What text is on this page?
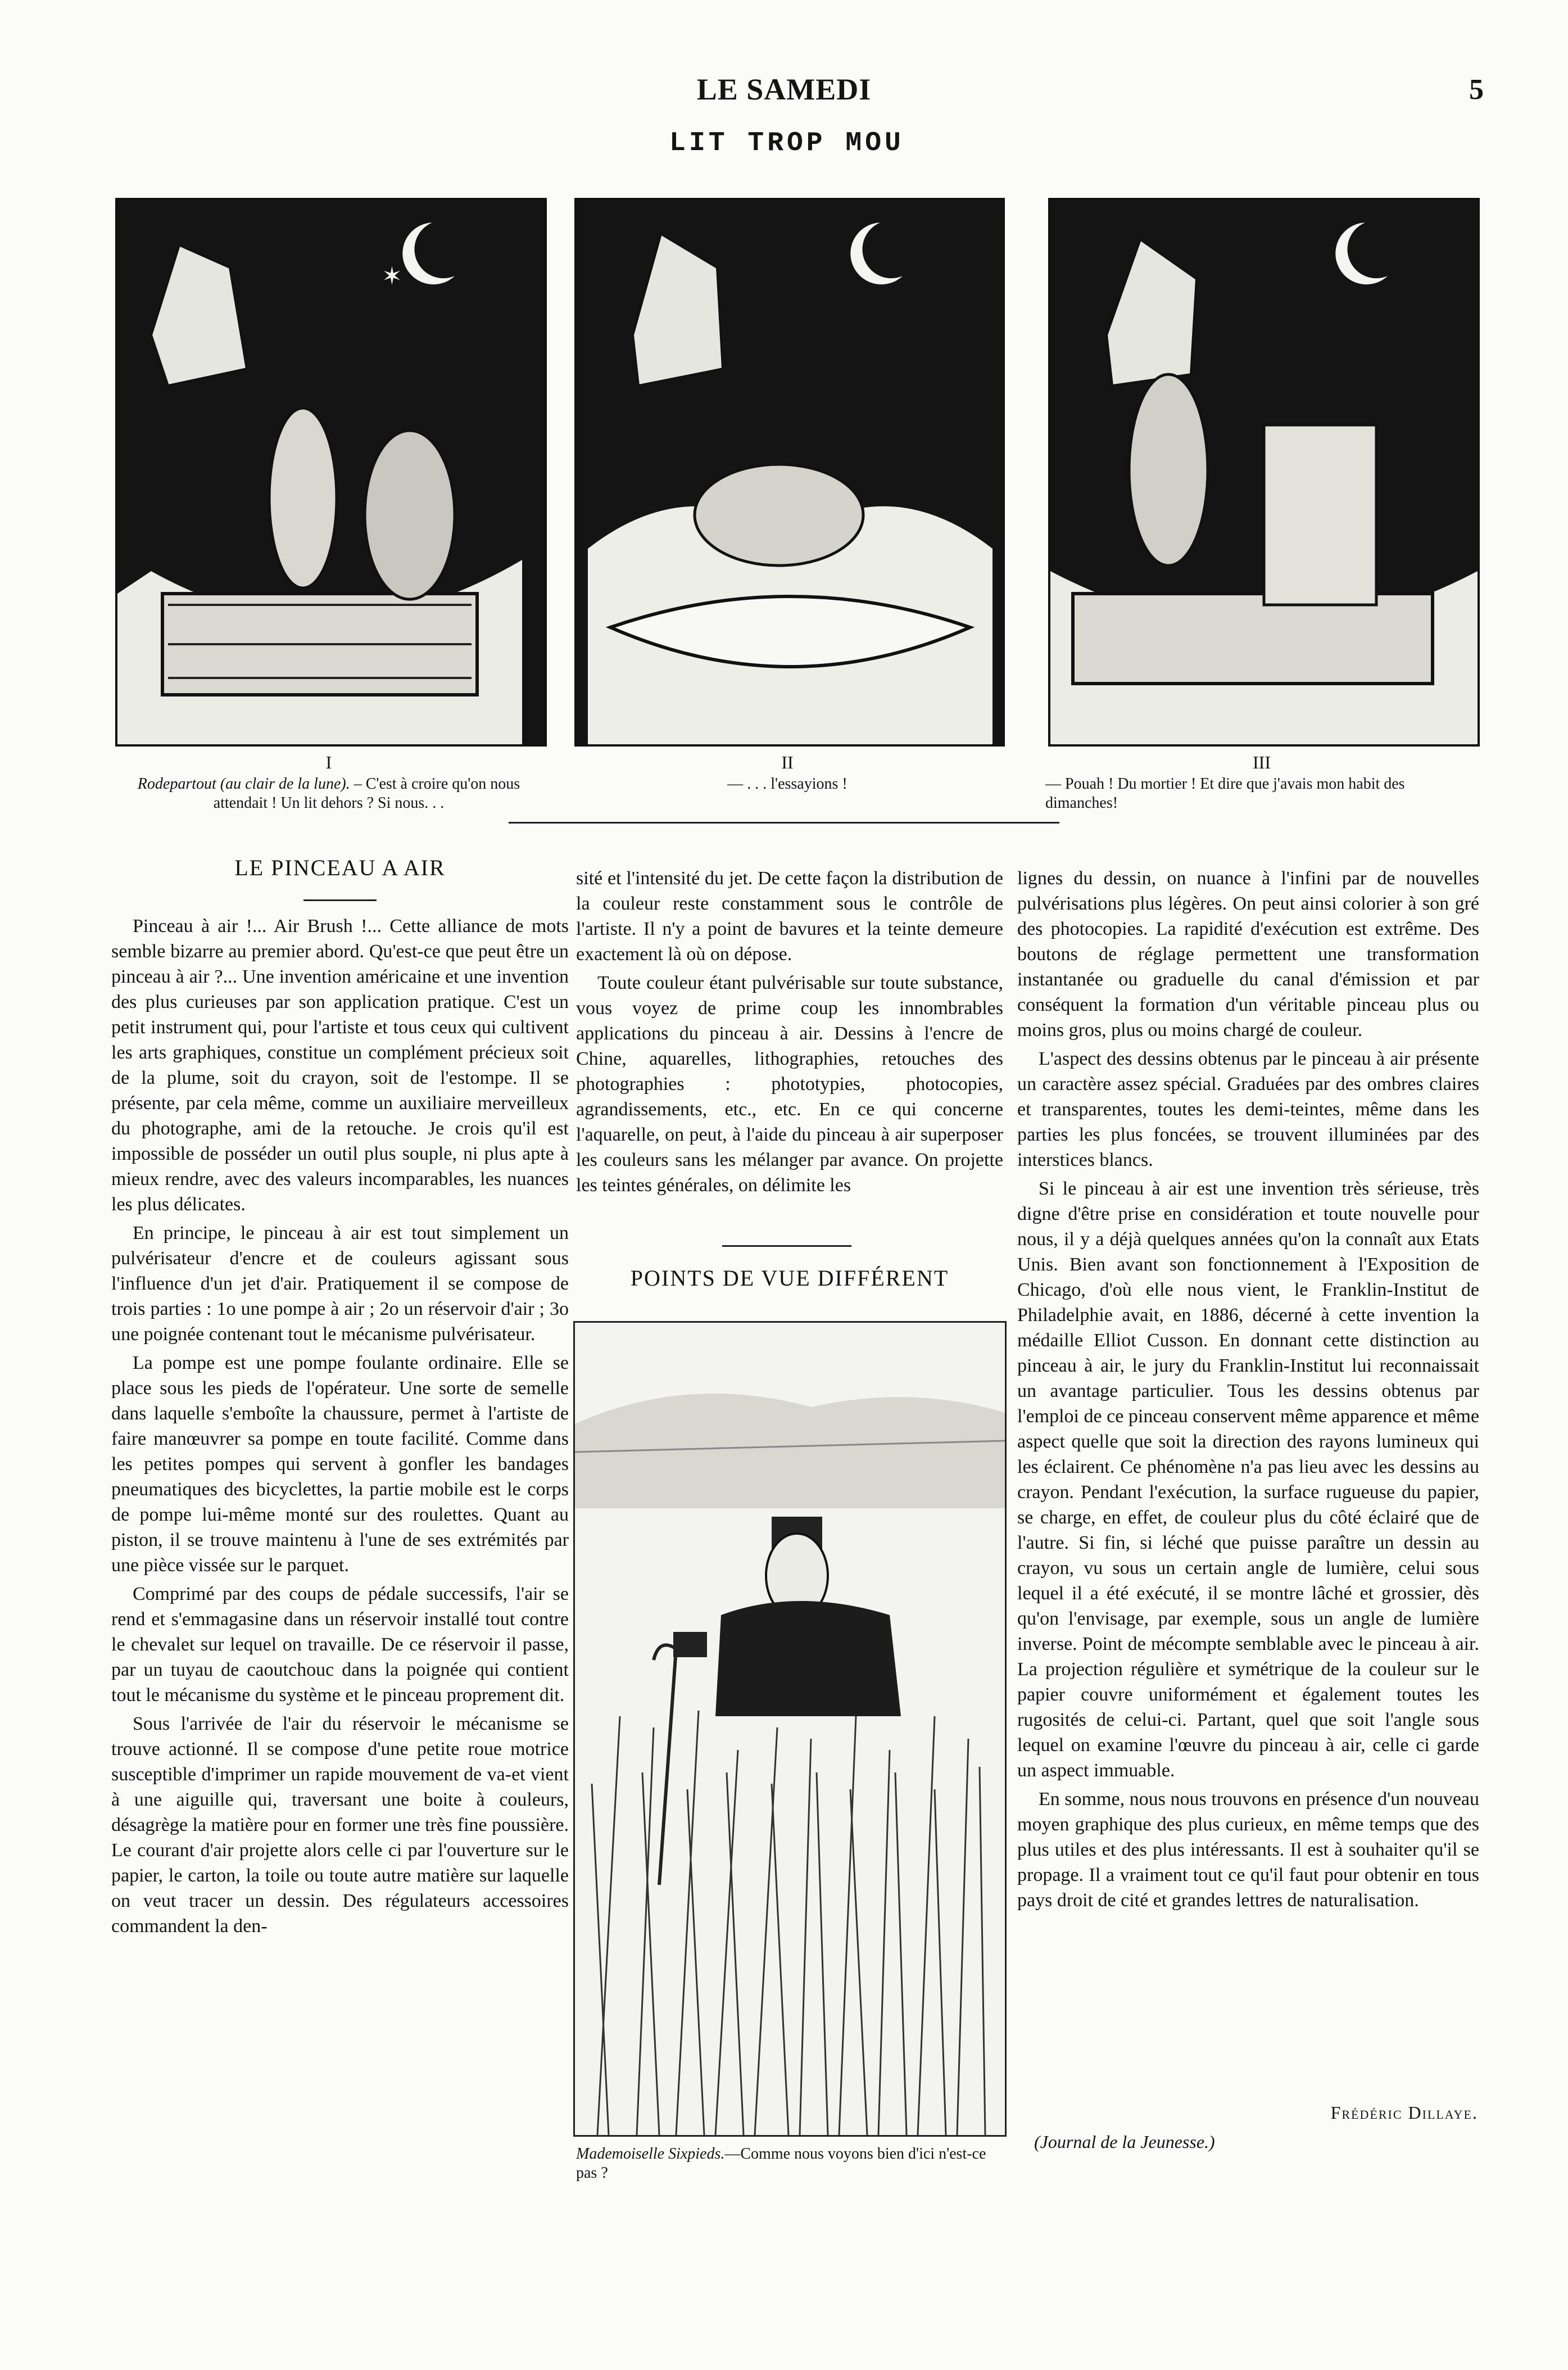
LE SAMEDI	5
LIT TROP MOU
✶
I
Rodepartout (au clair de la lune). – C'est à croire qu'on nous attendait ! Un lit dehors ? Si nous. . .
II
— . . . l'essayions !
III
— Pouah ! Du mortier ! Et dire que j'avais mon habit des dimanches!
LE PINCEAU A AIR

Pinceau à air !... Air Brush !... Cette alliance de mots semble bizarre au premier abord. Qu'est-ce que peut être un pinceau à air ?... Une invention américaine et une invention des plus curieuses par son application pratique. C'est un petit instrument qui, pour l'artiste et tous ceux qui cultivent les arts graphiques, constitue un complément précieux soit de la plume, soit du crayon, soit de l'estompe. Il se présente, par cela même, comme un auxiliaire merveilleux du photographe, ami de la retouche. Je crois qu'il est impossible de posséder un outil plus souple, ni plus apte à mieux rendre, avec des valeurs incomparables, les nuances les plus délicates.

En principe, le pinceau à air est tout simplement un pulvérisateur d'encre et de couleurs agissant sous l'influence d'un jet d'air. Pratiquement il se compose de trois parties : 1o une pompe à air ; 2o un réservoir d'air ; 3o une poignée contenant tout le mécanisme pulvérisateur.

La pompe est une pompe foulante ordinaire. Elle se place sous les pieds de l'opérateur. Une sorte de semelle dans laquelle s'emboîte la chaussure, permet à l'artiste de faire manœuvrer sa pompe en toute facilité. Comme dans les petites pompes qui servent à gonfler les bandages pneumatiques des bicyclettes, la partie mobile est le corps de pompe lui-même monté sur des roulettes. Quant au piston, il se trouve maintenu à l'une de ses extrémités par une pièce vissée sur le parquet.

Comprimé par des coups de pédale successifs, l'air se rend et s'emmagasine dans un réservoir installé tout contre le chevalet sur lequel on travaille. De ce réservoir il passe, par un tuyau de caoutchouc dans la poignée qui contient tout le mécanisme du système et le pinceau proprement dit.

Sous l'arrivée de l'air du réservoir le mécanisme se trouve actionné. Il se compose d'une petite roue motrice susceptible d'imprimer un rapide mouvement de va-et vient à une aiguille qui, traversant une boite à couleurs, désagrège la matière pour en former une très fine poussière. Le courant d'air projette alors celle ci par l'ouverture sur le papier, le carton, la toile ou toute autre matière sur laquelle on veut tracer un dessin. Des régulateurs accessoires commandent la den-

sité et l'intensité du jet. De cette façon la distribution de la couleur reste constamment sous le contrôle de l'artiste. Il n'y a point de bavures et la teinte demeure exactement là où on dépose.

Toute couleur étant pulvérisable sur toute substance, vous voyez de prime coup les innombrables applications du pinceau à air. Dessins à l'encre de Chine, aquarelles, lithographies, retouches des photographies : phototypies, photocopies, agrandissements, etc., etc. En ce qui concerne l'aquarelle, on peut, à l'aide du pinceau à air superposer les couleurs sans les mélanger par avance. On projette les teintes générales, on délimite les

POINTS DE VUE DIFFÉRENT
Mademoiselle Sixpieds.—Comme nous voyons bien d'ici n'est-ce pas ?

lignes du dessin, on nuance à l'infini par de nouvelles pulvérisations plus légères. On peut ainsi colorier à son gré des photocopies. La rapidité d'exécution est extrême. Des boutons de réglage permettent une transformation instantanée ou graduelle du canal d'émission et par conséquent la formation d'un véritable pinceau plus ou moins gros, plus ou moins chargé de couleur.

L'aspect des dessins obtenus par le pinceau à air présente un caractère assez spécial. Graduées par des ombres claires et transparentes, toutes les demi-teintes, même dans les parties les plus foncées, se trouvent illuminées par des interstices blancs.

Si le pinceau à air est une invention très sérieuse, très digne d'être prise en considération et toute nouvelle pour nous, il y a déjà quelques années qu'on la connaît aux Etats Unis. Bien avant son fonctionnement à l'Exposition de Chicago, d'où elle nous vient, le Franklin-Institut de Philadelphie avait, en 1886, décerné à cette invention la médaille Elliot Cusson. En donnant cette distinction au pinceau à air, le jury du Franklin-Institut lui reconnaissait un avantage particulier. Tous les dessins obtenus par l'emploi de ce pinceau conservent même apparence et même aspect quelle que soit la direction des rayons lumineux qui les éclairent. Ce phénomène n'a pas lieu avec les dessins au crayon. Pendant l'exécution, la surface rugueuse du papier, se charge, en effet, de couleur plus du côté éclairé que de l'autre. Si fin, si léché que puisse paraître un dessin au crayon, vu sous un certain angle de lumière, celui sous lequel il a été exécuté, il se montre lâché et grossier, dès qu'on l'envisage, par exemple, sous un angle de lumière inverse. Point de mécompte semblable avec le pinceau à air. La projection régulière et symétrique de la couleur sur le papier couvre uniformément et également toutes les rugosités de celui-ci. Partant, quel que soit l'angle sous lequel on examine l'œuvre du pinceau à air, celle ci garde un aspect immuable.

En somme, nous nous trouvons en présence d'un nouveau moyen graphique des plus curieux, en même temps que des plus utiles et des plus intéressants. Il est à souhaiter qu'il se propage. Il a vraiment tout ce qu'il faut pour obtenir en tous pays droit de cité et grandes lettres de naturalisation.

Frédéric Dillaye.
(Journal de la Jeunesse.)
